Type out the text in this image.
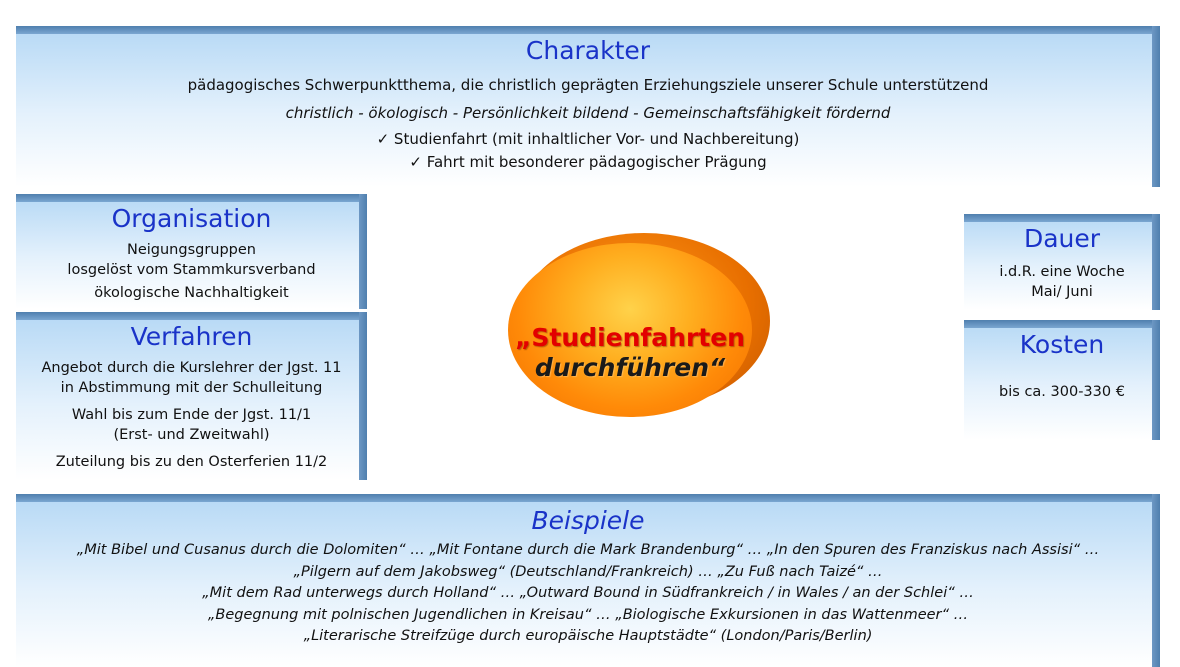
Charakter

pädagogisches Schwerpunktthema, die christlich geprägten Erziehungsziele unserer Schule unterstützend

christlich - ökologisch - Persönlichkeit bildend - Gemeinschaftsfähigkeit fördernd

✓ Studienfahrt (mit inhaltlicher Vor- und Nachbereitung)

✓ Fahrt mit besonderer pädagogischer Prägung

Organisation

Neigungsgruppen

losgelöst vom Stammkursverband

ökologische Nachhaltigkeit

Verfahren

Angebot durch die Kurslehrer der Jgst. 11

in Abstimmung mit der Schulleitung

Wahl bis zum Ende der Jgst. 11/1

(Erst- und Zweitwahl)

Zuteilung bis zu den Osterferien 11/2

„Studienfahrten
durchführen“
Dauer

i.d.R. eine Woche

Mai/ Juni

Kosten

bis ca. 300-330 €

Beispiele

„Mit Bibel und Cusanus durch die Dolomiten“ … „Mit Fontane durch die Mark Brandenburg“ … „In den Spuren des Franziskus nach Assisi“ …

„Pilgern auf dem Jakobsweg“ (Deutschland/Frankreich) … „Zu Fuß nach Taizé“ …

„Mit dem Rad unterwegs durch Holland“ … „Outward Bound in Südfrankreich / in Wales / an der Schlei“ …

„Begegnung mit polnischen Jugendlichen in Kreisau“ … „Biologische Exkursionen in das Wattenmeer“ …

„Literarische Streifzüge durch europäische Hauptstädte“ (London/Paris/Berlin)
